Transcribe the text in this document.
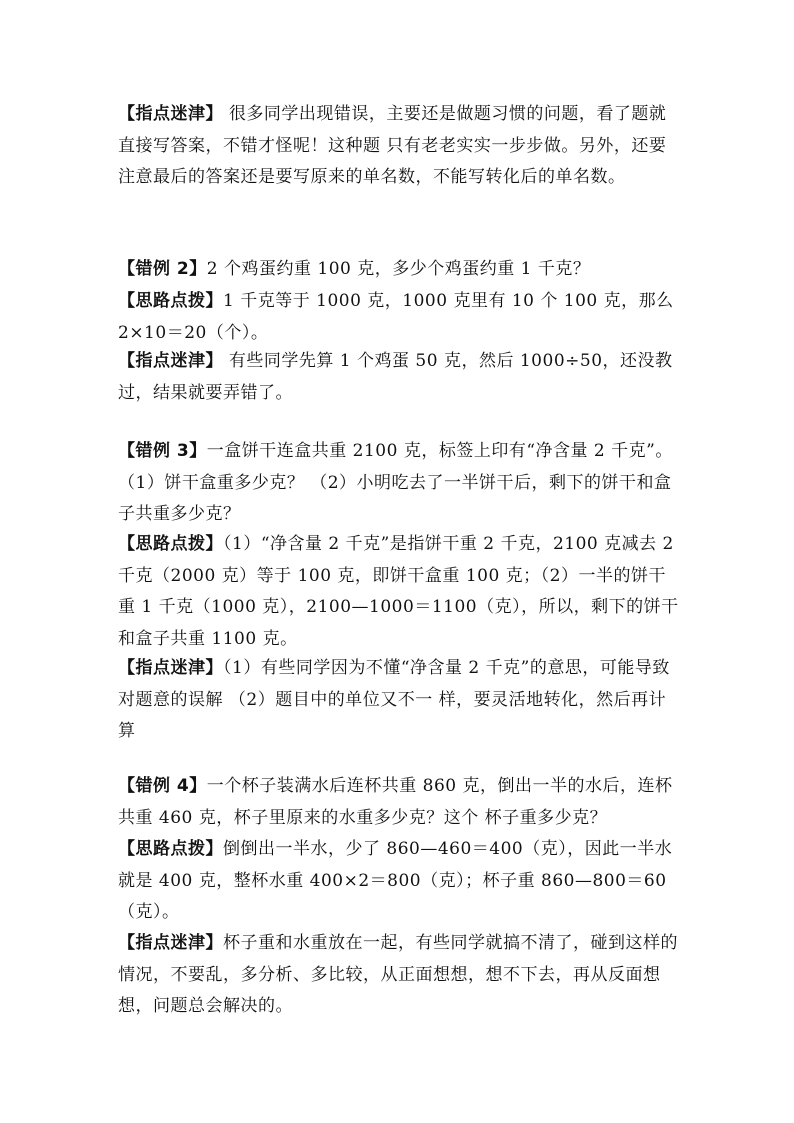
【指点迷津】 很多同学出现错误，主要还是做题习惯的问题，看了题就直接写答案，不错才怪呢！这种题 只有老老实实一步步做。另外，还要注意最后的答案还是要写原来的单名数，不能写转化后的单名数。

【错例 2】2 个鸡蛋约重 100 克，多少个鸡蛋约重 1 千克？

【思路点拨】1 千克等于 1000 克，1000 克里有 10 个 100 克，那么 2×10＝20（个）。

【指点迷津】 有些同学先算 1 个鸡蛋 50 克，然后 1000÷50，还没教过，结果就要弄错了。

【错例 3】一盒饼干连盒共重 2100 克，标签上印有“净含量 2 千克”。（1）饼干盒重多少克？ （2）小明吃去了一半饼干后，剩下的饼干和盒子共重多少克？

【思路点拨】（1）“净含量 2 千克”是指饼干重 2 千克，2100 克减去 2 千克（2000 克）等于 100 克，即饼干盒重 100 克；（2）一半的饼干重 1 千克（1000 克），2100—1000＝1100（克），所以，剩下的饼干和盒子共重 1100 克。

【指点迷津】（1）有些同学因为不懂“净含量 2 千克”的意思，可能导致对题意的误解 （2）题目中的单位又不一 样，要灵活地转化，然后再计算

【错例 4】一个杯子装满水后连杯共重 860 克，倒出一半的水后，连杯共重 460 克，杯子里原来的水重多少克？这个 杯子重多少克？

【思路点拨】倒倒出一半水，少了 860—460＝400（克），因此一半水就是 400 克，整杯水重 400×2＝800（克）；杯子重 860—800＝60（克）。

【指点迷津】杯子重和水重放在一起，有些同学就搞不清了，碰到这样的情况，不要乱，多分析、多比较，从正面想想，想不下去，再从反面想想，问题总会解决的。
